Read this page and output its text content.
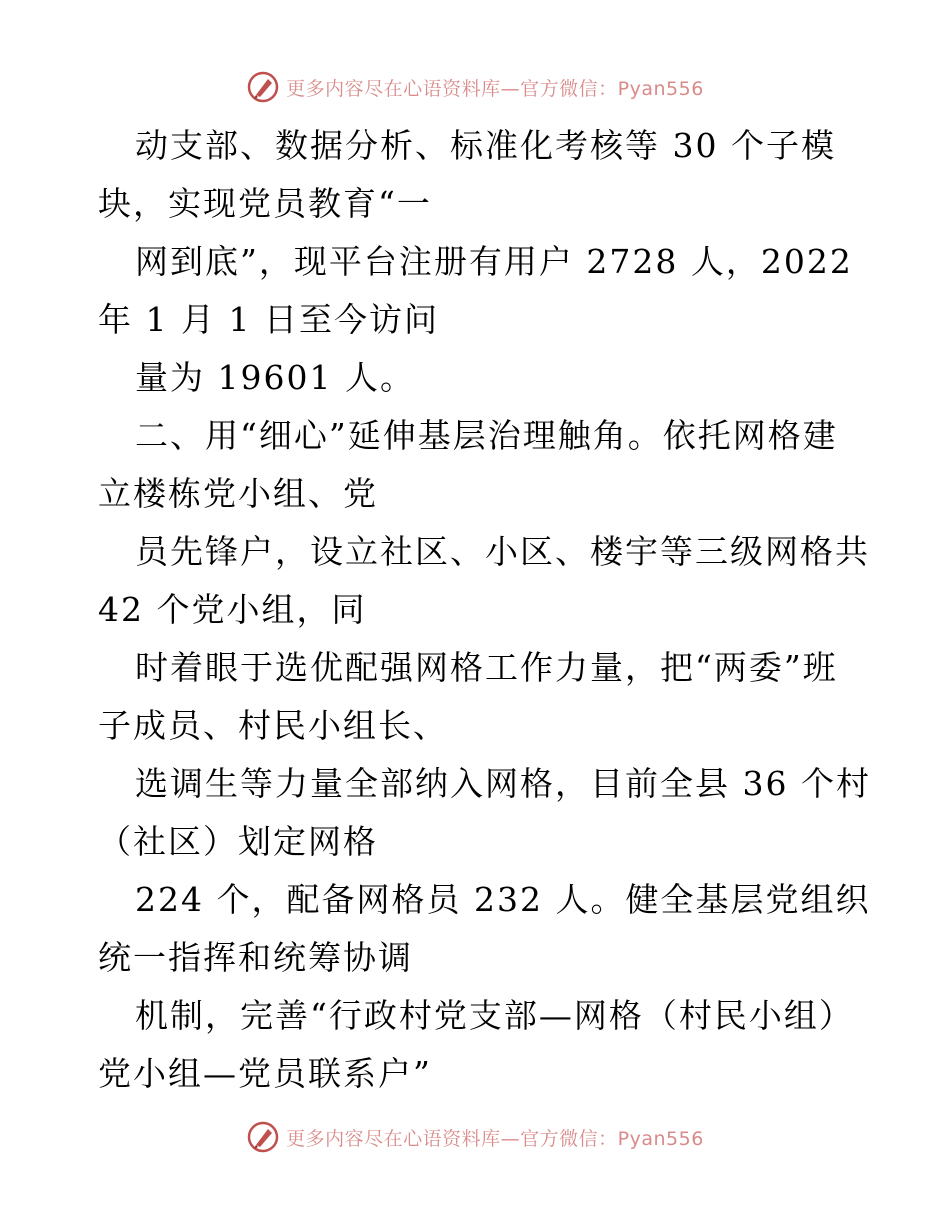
更多内容尽在心语资料库—官方微信：Pyan556
动支部、数据分析、标准化考核等 30 个子模
块，实现党员教育“一
网到底”，现平台注册有用户 2728 人，2022
年 1 月 1 日至今访问
量为 19601 人。
二、用“细心”延伸基层治理触角。依托网格建
立楼栋党小组、党
员先锋户，设立社区、小区、楼宇等三级网格共
42 个党小组，同
时着眼于选优配强网格工作力量，把“两委”班
子成员、村民小组长、
选调生等力量全部纳入网格，目前全县 36 个村
（社区）划定网格
224 个，配备网格员 232 人。健全基层党组织
统一指挥和统筹协调
机制，完善“行政村党支部—网格（村民小组）
党小组—党员联系户”
更多内容尽在心语资料库—官方微信：Pyan556
